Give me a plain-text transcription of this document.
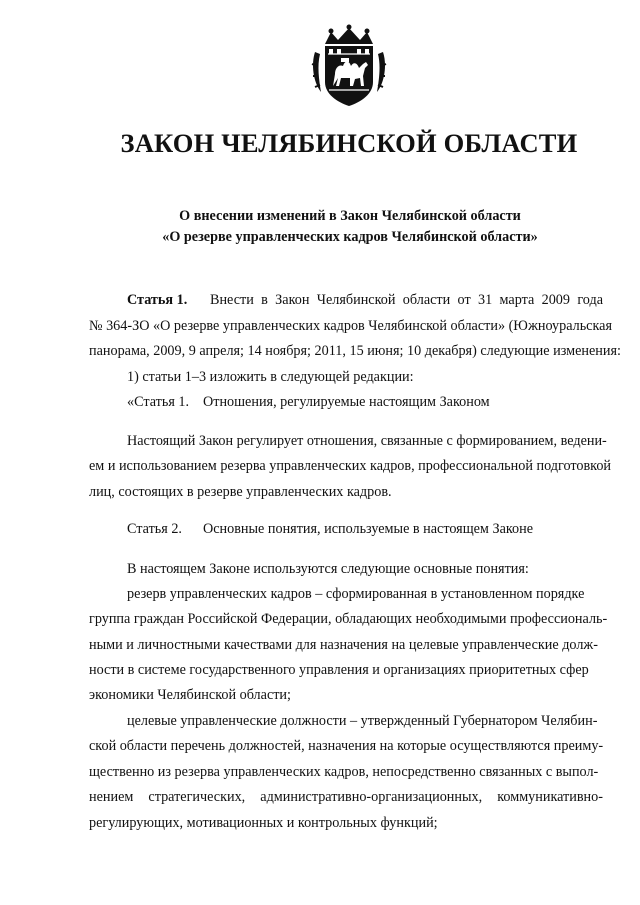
ЗАКОН ЧЕЛЯБИНСКОЙ ОБЛАСТИ
О внесении изменений в Закон Челябинской области
«О резерве управленческих кадров Челябинской области»
Статья 1. Внести в Закон Челябинской области от 31 марта 2009 года
№ 364-ЗО «О резерве управленческих кадров Челябинской области» (Южноуральская
панорама, 2009, 9 апреля; 14 ноября; 2011, 15 июня; 10 декабря) следующие изменения:
1) статьи 1–3 изложить в следующей редакции:
«Статья 1. Отношения, регулируемые настоящим Законом
Настоящий Закон регулирует отношения, связанные с формированием, ведени-
ем и использованием резерва управленческих кадров, профессиональной подготовкой
лиц, состоящих в резерве управленческих кадров.
Статья 2. Основные понятия, используемые в настоящем Законе
В настоящем Законе используются следующие основные понятия:
резерв управленческих кадров – сформированная в установленном порядке
группа граждан Российской Федерации, обладающих необходимыми профессиональ-
ными и личностными качествами для назначения на целевые управленческие долж-
ности в системе государственного управления и организациях приоритетных сфер
экономики Челябинской области;
целевые управленческие должности – утвержденный Губернатором Челябин-
ской области перечень должностей, назначения на которые осуществляются преиму-
щественно из резерва управленческих кадров, непосредственно связанных с выпол-
нением стратегических, административно-организационных, коммуникативно-
регулирующих, мотивационных и контрольных функций;
